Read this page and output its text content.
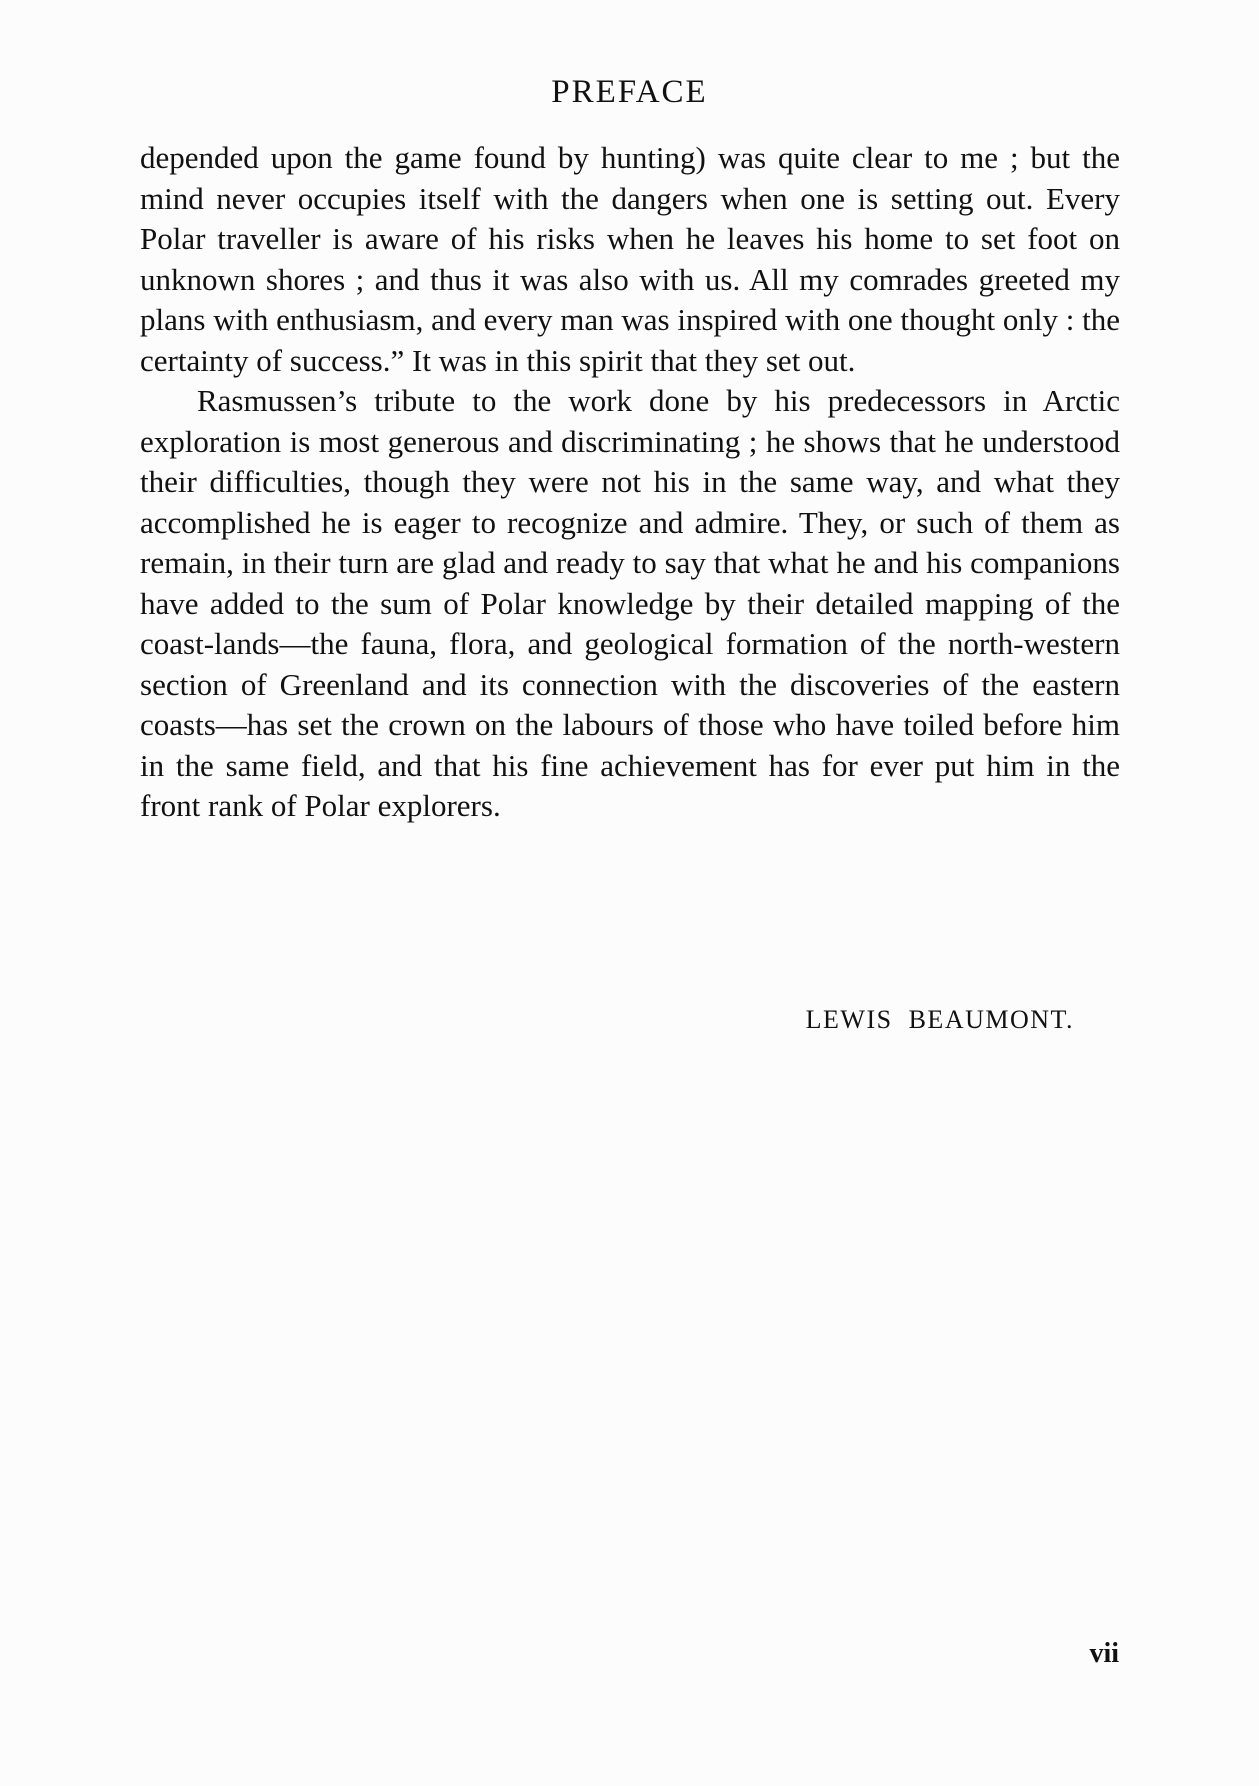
PREFACE

depended upon the game found by hunting) was quite clear to me ; but the mind never occupies itself with the dangers when one is setting out. Every Polar traveller is aware of his risks when he leaves his home to set foot on unknown shores ; and thus it was also with us. All my comrades greeted my plans with enthusiasm, and every man was inspired with one thought only : the certainty of success.” It was in this spirit that they set out.

Rasmussen’s tribute to the work done by his predecessors in Arctic exploration is most generous and discriminating ; he shows that he understood their difficulties, though they were not his in the same way, and what they accomplished he is eager to recognize and admire. They, or such of them as remain, in their turn are glad and ready to say that what he and his companions have added to the sum of Polar knowledge by their detailed mapping of the coast-lands—the fauna, flora, and geological formation of the north-western section of Greenland and its connection with the discoveries of the eastern coasts—has set the crown on the labours of those who have toiled before him in the same field, and that his fine achievement has for ever put him in the front rank of Polar explorers.

LEWIS BEAUMONT.
vii
